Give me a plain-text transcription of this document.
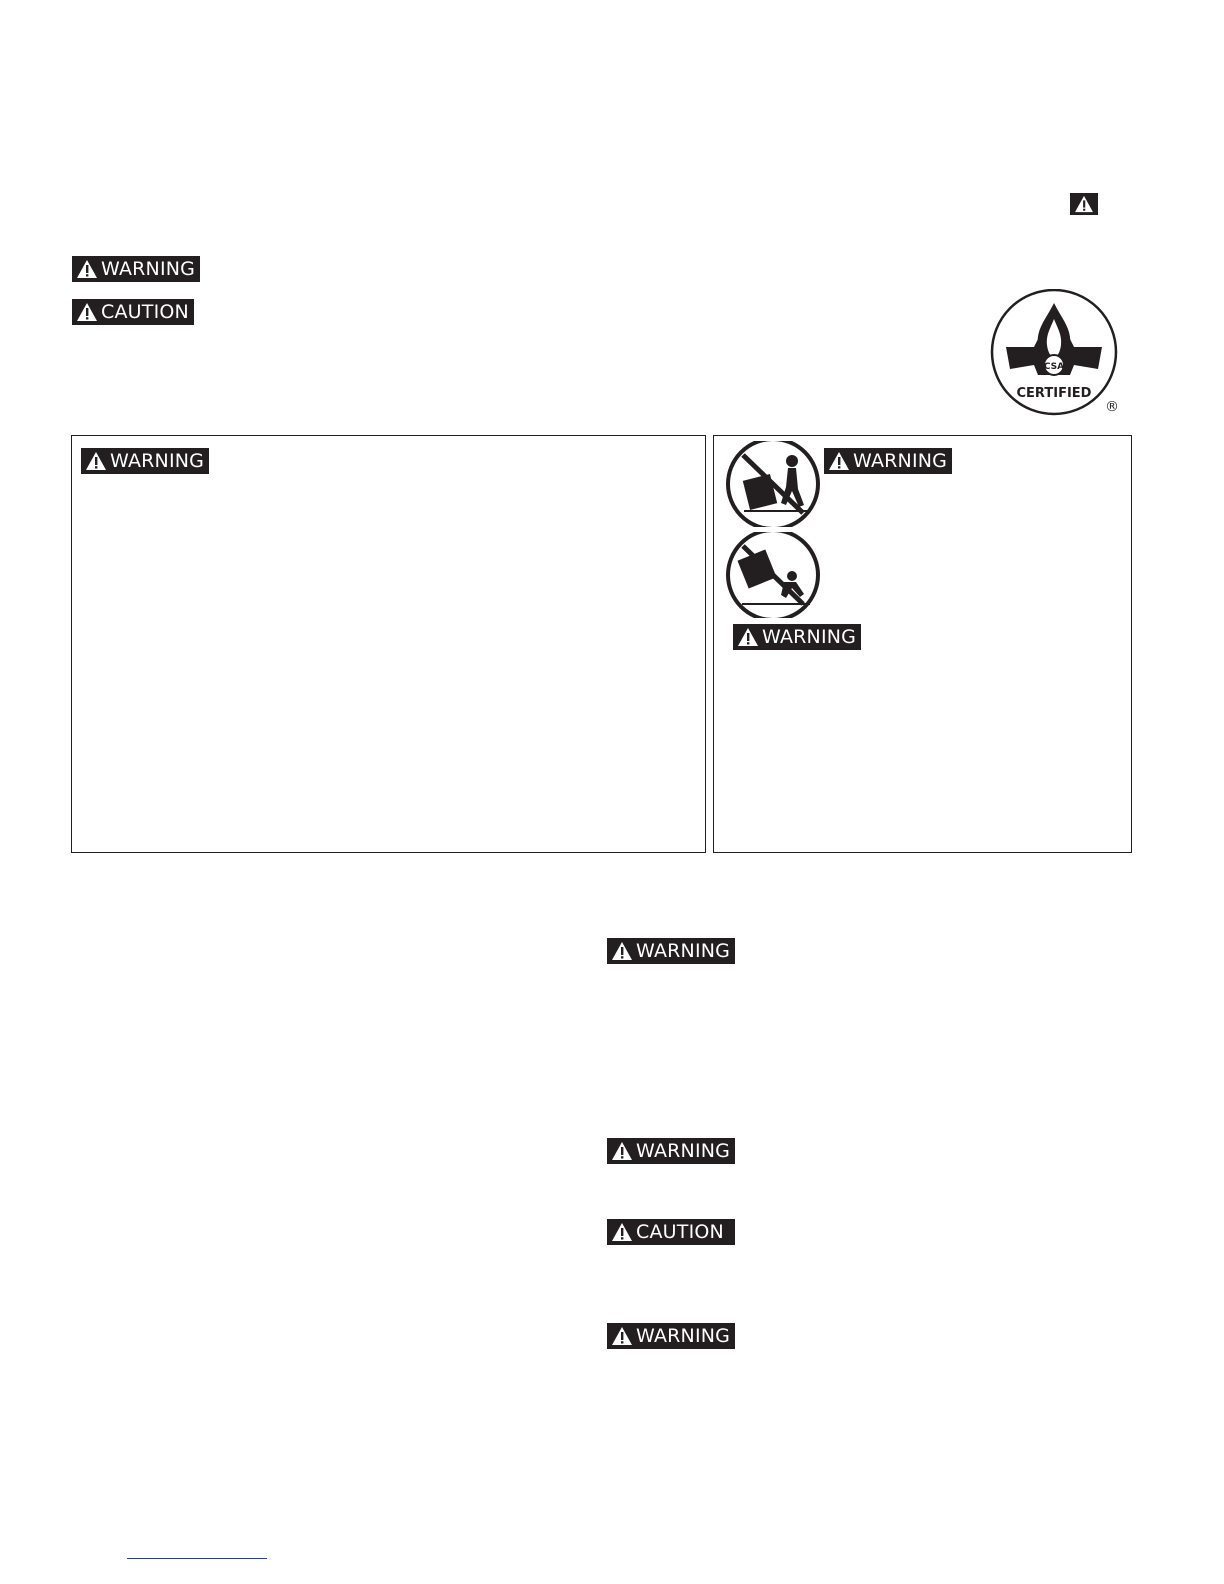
WARNING
CAUTION
CSA
CERTIFIED
®
WARNING	WARNING
WARNING
WARNING
WARNING
CAUTION
WARNING
